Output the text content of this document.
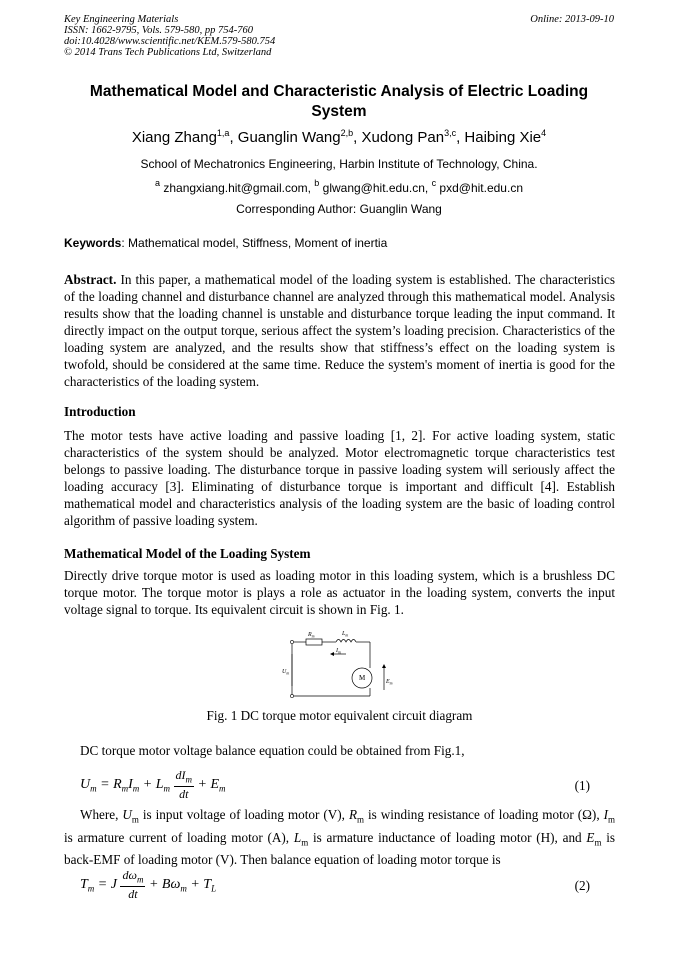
Key Engineering Materials
ISSN: 1662-9795, Vols. 579-580, pp 754-760
doi:10.4028/www.scientific.net/KEM.579-580.754
© 2014 Trans Tech Publications Ltd, Switzerland
Online: 2013-09-10
Mathematical Model and Characteristic Analysis of Electric Loading System
Xiang Zhang$^{1,a}$, Guanglin Wang$^{2,b}$, Xudong Pan$^{3,c}$, Haibing Xie$^4$
School of Mechatronics Engineering, Harbin Institute of Technology, China.
$^a$ zhangxiang.hit@gmail.com, $^b$ glwang@hit.edu.cn, $^c$ pxd@hit.edu.cn
Corresponding Author: Guanglin Wang
Keywords: Mathematical model, Stiffness, Moment of inertia
Abstract. In this paper, a mathematical model of the loading system is established. The characteristics of the loading channel and disturbance channel are analyzed through this mathematical model. Analysis results show that the loading channel is unstable and disturbance torque leading the input command. It directly impact on the output torque, serious affect the system’s loading precision. Characteristics of the loading system are analyzed, and the results show that stiffness’s effect on the loading system is twofold, should be considered at the same time. Reduce the system's moment of inertia is good for the characteristics of the loading system.
Introduction
The motor tests have active loading and passive loading [1, 2]. For active loading system, static characteristics of the system should be analyzed. Motor electromagnetic torque characteristics test belongs to passive loading. The disturbance torque in passive loading system will seriously affect the loading accuracy [3]. Eliminating of disturbance torque is important and difficult [4]. Establish mathematical model and characteristics analysis of the loading system are the basic of loading control algorithm of passive loading system.
Mathematical Model of the Loading System
Directly drive torque motor is used as loading motor in this loading system, which is a brushless DC torque motor. The torque motor is plays a role as actuator in the loading system, converts the input voltage signal to torque. Its equivalent circuit is shown in Fig. 1.
$R_m$	$L_m$
$I_m$
$U_m$
M	$E_m$
Fig. 1 DC torque motor equivalent circuit diagram
DC torque motor voltage balance equation could be obtained from Fig.1,
$U_m = R_mI_m + L_m \frac{dI_m}{dt} + E_m$	(1)
Where, $U_m$ is input voltage of loading motor (V), $R_m$ is winding resistance of loading motor (Ω), $I_m$ is armature current of loading motor (A), $L_m$ is armature inductance of loading motor (H), and $E_m$ is back-EMF of loading motor (V). Then balance equation of loading motor torque is
$T_m = J \frac{d\omega_m}{dt} + B\omega_m + T_L$	(2)
